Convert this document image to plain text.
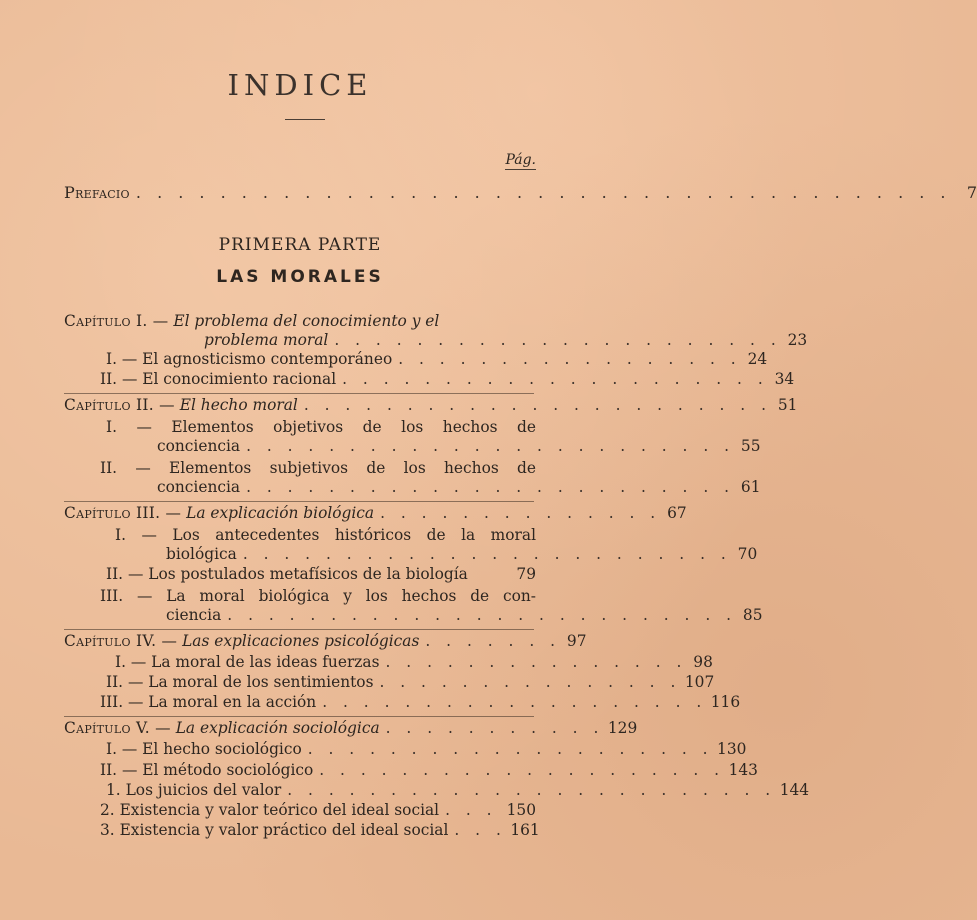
INDICE
Pág.
Prefacio . . . . . . . . . . . . . . . . . . . . . . . . . . . . . . . . . . . . . . . 7
PRIMERA PARTE
LAS MORALES
Capítulo I. — El problema del conocimiento y el
problema moral . . . . . . . . . . . . . . . . . . . . . . 23
I. — El agnosticismo contemporáneo . . . . . . . . . . . . . . . . . 24
II. — El conocimiento racional . . . . . . . . . . . . . . . . . . . . . 34
Capítulo II. — El hecho moral . . . . . . . . . . . . . . . . . . . . . . . 51
I. — Elementos objetivos de los hechos de
conciencia . . . . . . . . . . . . . . . . . . . . . . . . 55
II. — Elementos subjetivos de los hechos de
conciencia . . . . . . . . . . . . . . . . . . . . . . . . 61
Capítulo III. — La explicación biológica . . . . . . . . . . . . . . 67
I. — Los antecedentes históricos de la moral
biológica . . . . . . . . . . . . . . . . . . . . . . . . 70
II. — Los postulados metafísicos de la biología	79
III. — La moral biológica y los hechos de con-
ciencia . . . . . . . . . . . . . . . . . . . . . . . . . 85
Capítulo IV. — Las explicaciones psicológicas . . . . . . . 97
I. — La moral de las ideas fuerzas . . . . . . . . . . . . . . . 98
II. — La moral de los sentimientos . . . . . . . . . . . . . . . 107
III. — La moral en la acción . . . . . . . . . . . . . . . . . . . 116
Capítulo V. — La explicación sociológica . . . . . . . . . . . 129
I. — El hecho sociológico . . . . . . . . . . . . . . . . . . . . 130
II. — El método sociológico . . . . . . . . . . . . . . . . . . . . 143
1. Los juicios del valor . . . . . . . . . . . . . . . . . . . . . . . . 144
2. Existencia y valor teórico del ideal social . . . 150
3. Existencia y valor práctico del ideal social . . . 161
